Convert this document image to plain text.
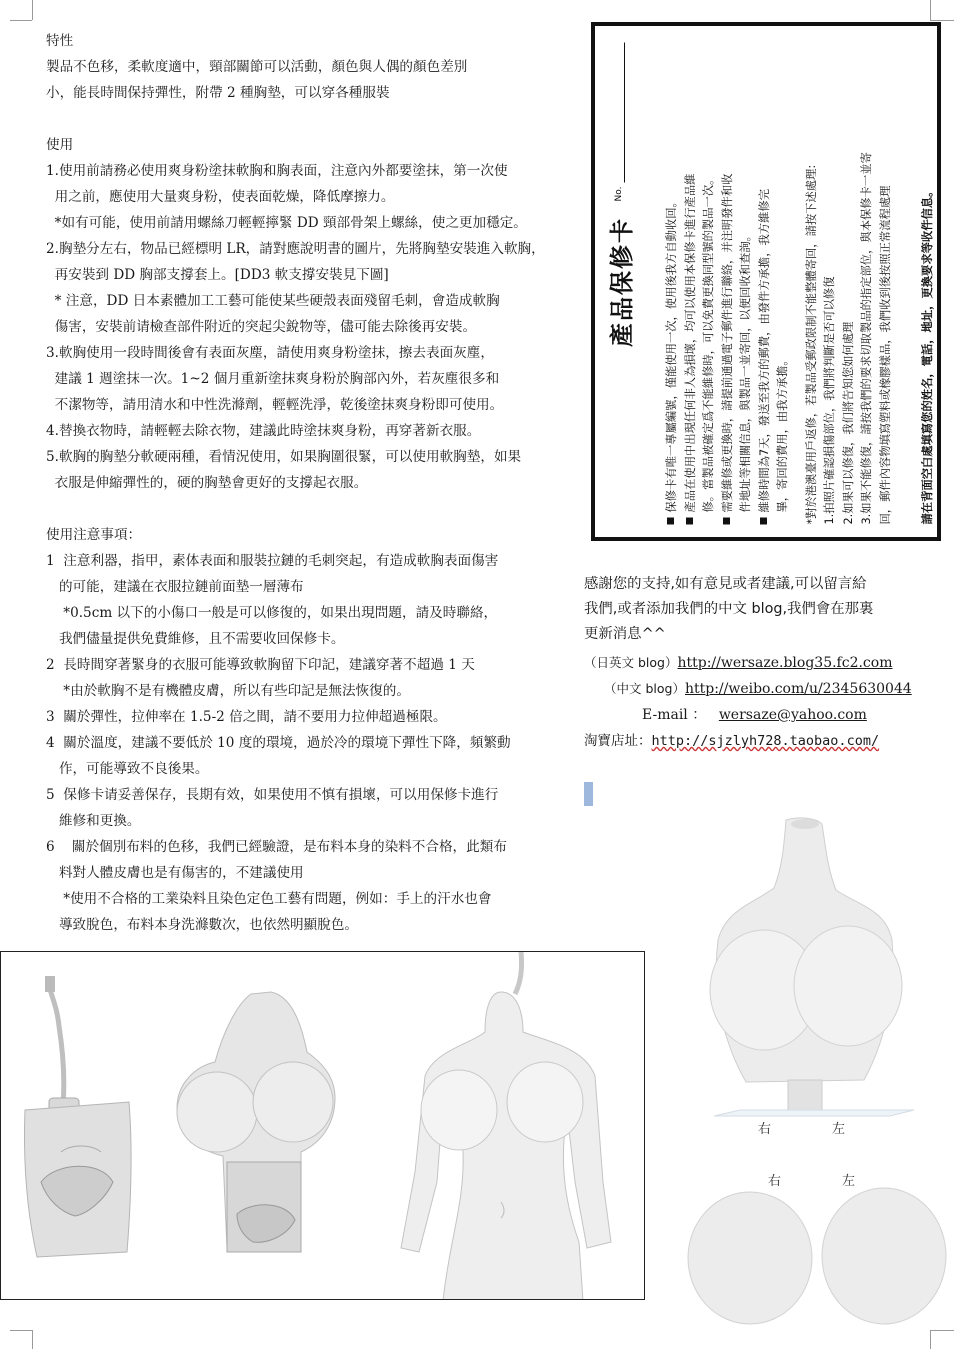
特性
製品不色移，柔軟度適中，頸部關節可以活動，顏色與人偶的顏色差別
小，能長時間保持彈性，附帶 2 種胸墊，可以穿各種服裝
使用
1.使用前請務必使用爽身粉塗抹軟胸和胸表面，注意內外都要塗抹，第一次使
用之前，應使用大量爽身粉，使表面乾燥，降低摩擦力。
*如有可能，使用前請用螺絲刀輕輕擰緊 DD 頸部骨架上螺絲，使之更加穩定。
2.胸墊分左右，物品已經標明 LR，請對應說明書的圖片，先將胸墊安裝進入軟胸，
再安裝到 DD 胸部支撐套上。[DD3 軟支撐安裝見下圖]
* 注意，DD 日本素體加工工藝可能使某些硬殼表面殘留毛刺，會造成軟胸
傷害，安裝前请檢查部件附近的突起尖銳物等，儘可能去除後再安裝。
3.軟胸使用一段時間後會有表面灰塵，請使用爽身粉塗抹，擦去表面灰塵，
建議 1 週塗抹一次。1~2 個月重新塗抹爽身粉於胸部內外，若灰塵很多和
不潔物等，請用清水和中性洗滌劑，輕輕洗淨，乾後塗抹爽身粉即可使用。
4.替換衣物時，請輕輕去除衣物，建議此時塗抹爽身粉，再穿著新衣服。
5.軟胸的胸墊分軟硬兩種，看情況使用，如果胸圍很緊，可以使用軟胸墊，如果
衣服是伸縮彈性的，硬的胸墊會更好的支撐起衣服。
使用注意事項：
1  注意利器，指甲，素体表面和服裝拉鏈的毛刺突起，有造成軟胸表面傷害
的可能，建議在衣服拉鏈前面墊一層薄布
*0.5cm 以下的小傷口一般是可以修復的，如果出現問題，請及時聯絡，
我們儘量提供免費維修，且不需要收回保修卡。
2  長時間穿著緊身的衣服可能導致軟胸留下印記，建議穿著不超過 1 天
*由於軟胸不是有機體皮膚，所以有些印記是無法恢復的。
3  關於彈性，拉伸率在 1.5-2 倍之間，請不要用力拉伸超過極限。
4  關於溫度，建議不要低於 10 度的環境，過於冷的環境下彈性下降，頻繁動
作，可能導致不良後果。
5  保修卡请妥善保存，長期有效，如果使用不慎有損壞，可以用保修卡進行
維修和更換。
6    關於個別布料的色移，我們已經驗證，是布料本身的染料不合格，此類布
料對人體皮膚也是有傷害的，不建議使用
*使用不合格的工業染料且染色定色工藝有問題，例如：手上的汗水也會
導致脫色，布料本身洗滌數次，也依然明顯脫色。
產品保修卡
No.
保修卡有唯一專屬編號，僅能使用一次，使用後我方自動收回。 產品在使用中出現任何非人為損壞，均可以使用本保修卡進行產品維 修。當製品被確定爲不能維修時，可以免費更換同型號的製品一次。 需要維修或更換時，請提前通過電子郵件進行聯絡，并注明發件和收 件地址等相關信息，與製品一並寄回，以便回收和查詢。 維修時間為7天，發送至我方的郵費，由發件方承擔，我方維修完 畢，寄回的費用，由我方承擔。 *對於港澳臺用戶返修，若製品受郵政限制不能整體寄回，請按下述處理: 1.拍照片確認損傷部位，我們將判斷是否可以修復 2.如果可以修復，我们將告知您如何處理 3.如果不能修復，請按我們的要求切取製品的指定部位，與本保修卡一並寄 回，郵件內容物填寫塑料或橡膠樣品，我們收到後按照正常流程處理	請在背面空白處填寫您的姓名，電話，地址，更換要求等收件信息。
感謝您的支持,如有意見或者建議,可以留言給
我們,或者添加我們的中文 blog,我們會在那裏
更新消息^^
（日英文 blog）http://wersaze.blog35.fc2.com
（中文 blog）http://weibo.com/u/2345630044
E-mail ： wersaze@yahoo.com
淘寶店址：http://sjzlyh728.taobao.com/
右	左
右	左
